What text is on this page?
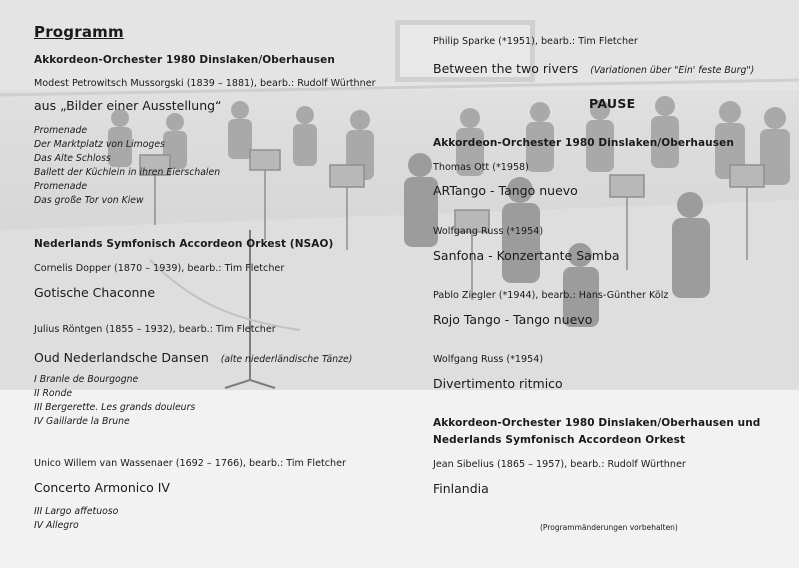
Programm
Akkordeon-Orchester 1980 Dinslaken/Oberhausen
Modest Petrowitsch Mussorgski (1839 – 1881), bearb.: Rudolf Würthner
aus „Bilder einer Ausstellung“
Promenade
Der Marktplatz von Limoges
Das Alte Schloss
Ballett der Küchlein in ihren Eierschalen
Promenade
Das große Tor von Kiew
Nederlands Symfonisch Accordeon Orkest (NSAO)
Cornelis Dopper (1870 – 1939), bearb.: Tim Fletcher
Gotische Chaconne
Julius Röntgen (1855 – 1932), bearb.: Tim Fletcher
Oud Nederlandsche Dansen (alte niederländische Tänze)
I Branle de Bourgogne
II Ronde
III Bergerette. Les grands douleurs
IV Gaillarde la Brune
Unico Willem van Wassenaer (1692 – 1766), bearb.: Tim Fletcher
Concerto Armonico IV
III Largo affetuoso
IV Allegro
Philip Sparke (*1951), bearb.: Tim Fletcher
Between the two rivers (Variationen über "Ein' feste Burg")
PAUSE
Akkordeon-Orchester 1980 Dinslaken/Oberhausen
Thomas Ott (*1958)
ARTango - Tango nuevo
Wolfgang Russ (*1954)
Sanfona - Konzertante Samba
Pablo Ziegler (*1944), bearb.: Hans-Günther Kölz
Rojo Tango - Tango nuevo
Wolfgang Russ (*1954)
Divertimento ritmico
Akkordeon-Orchester 1980 Dinslaken/Oberhausen und
Nederlands Symfonisch Accordeon Orkest
Jean Sibelius (1865 – 1957), bearb.: Rudolf Würthner
Finlandia
(Programmänderungen vorbehalten)
